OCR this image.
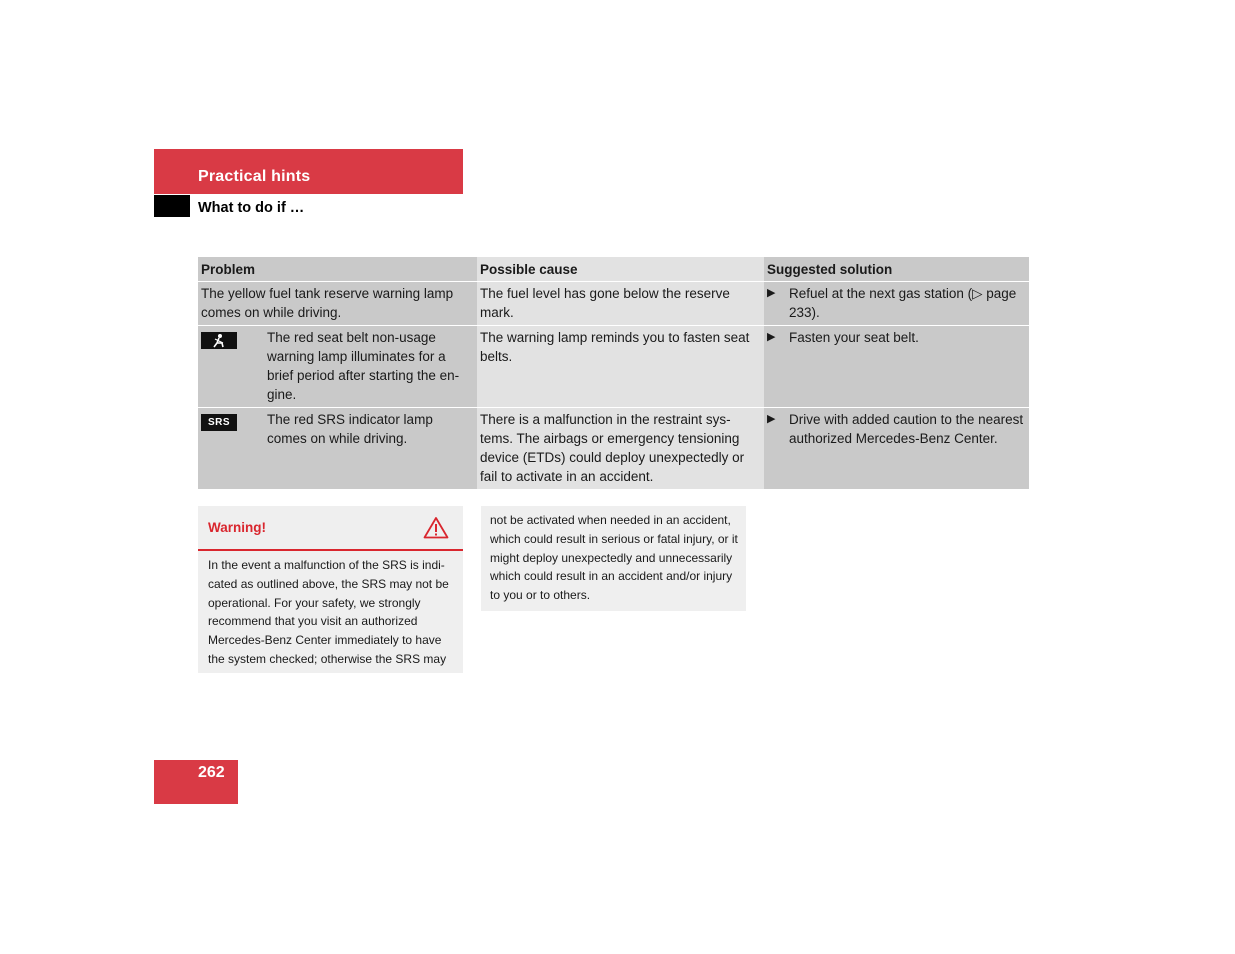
Practical hints
What to do if …
Problem	Possible cause	Suggested solution
The yellow fuel tank reserve warning lamp comes on while driving.	The fuel level has gone below the reserve mark.	▶ Refuel at the next gas station (▷ page 233).

The red seat belt non-usage warning lamp illuminates for a brief period after starting the en-gine.	The warning lamp reminds you to fasten seat belts.	▶ Fasten your seat belt.

SRS The red SRS indicator lamp comes on while driving.	There is a malfunction in the restraint sys-tems. The airbags or emergency tensioning device (ETDs) could deploy unexpectedly or fail to activate in an accident.	▶ Drive with added caution to the nearest authorized Mercedes-Benz Center.
Warning!
In the event a malfunction of the SRS is indi-cated as outlined above, the SRS may not be operational. For your safety, we strongly recommend that you visit an authorized Mercedes-Benz Center immediately to have the system checked; otherwise the SRS may
not be activated when needed in an accident, which could result in serious or fatal injury, or it might deploy unexpectedly and unnecessarily which could result in an accident and/or injury to you or to others.
262
